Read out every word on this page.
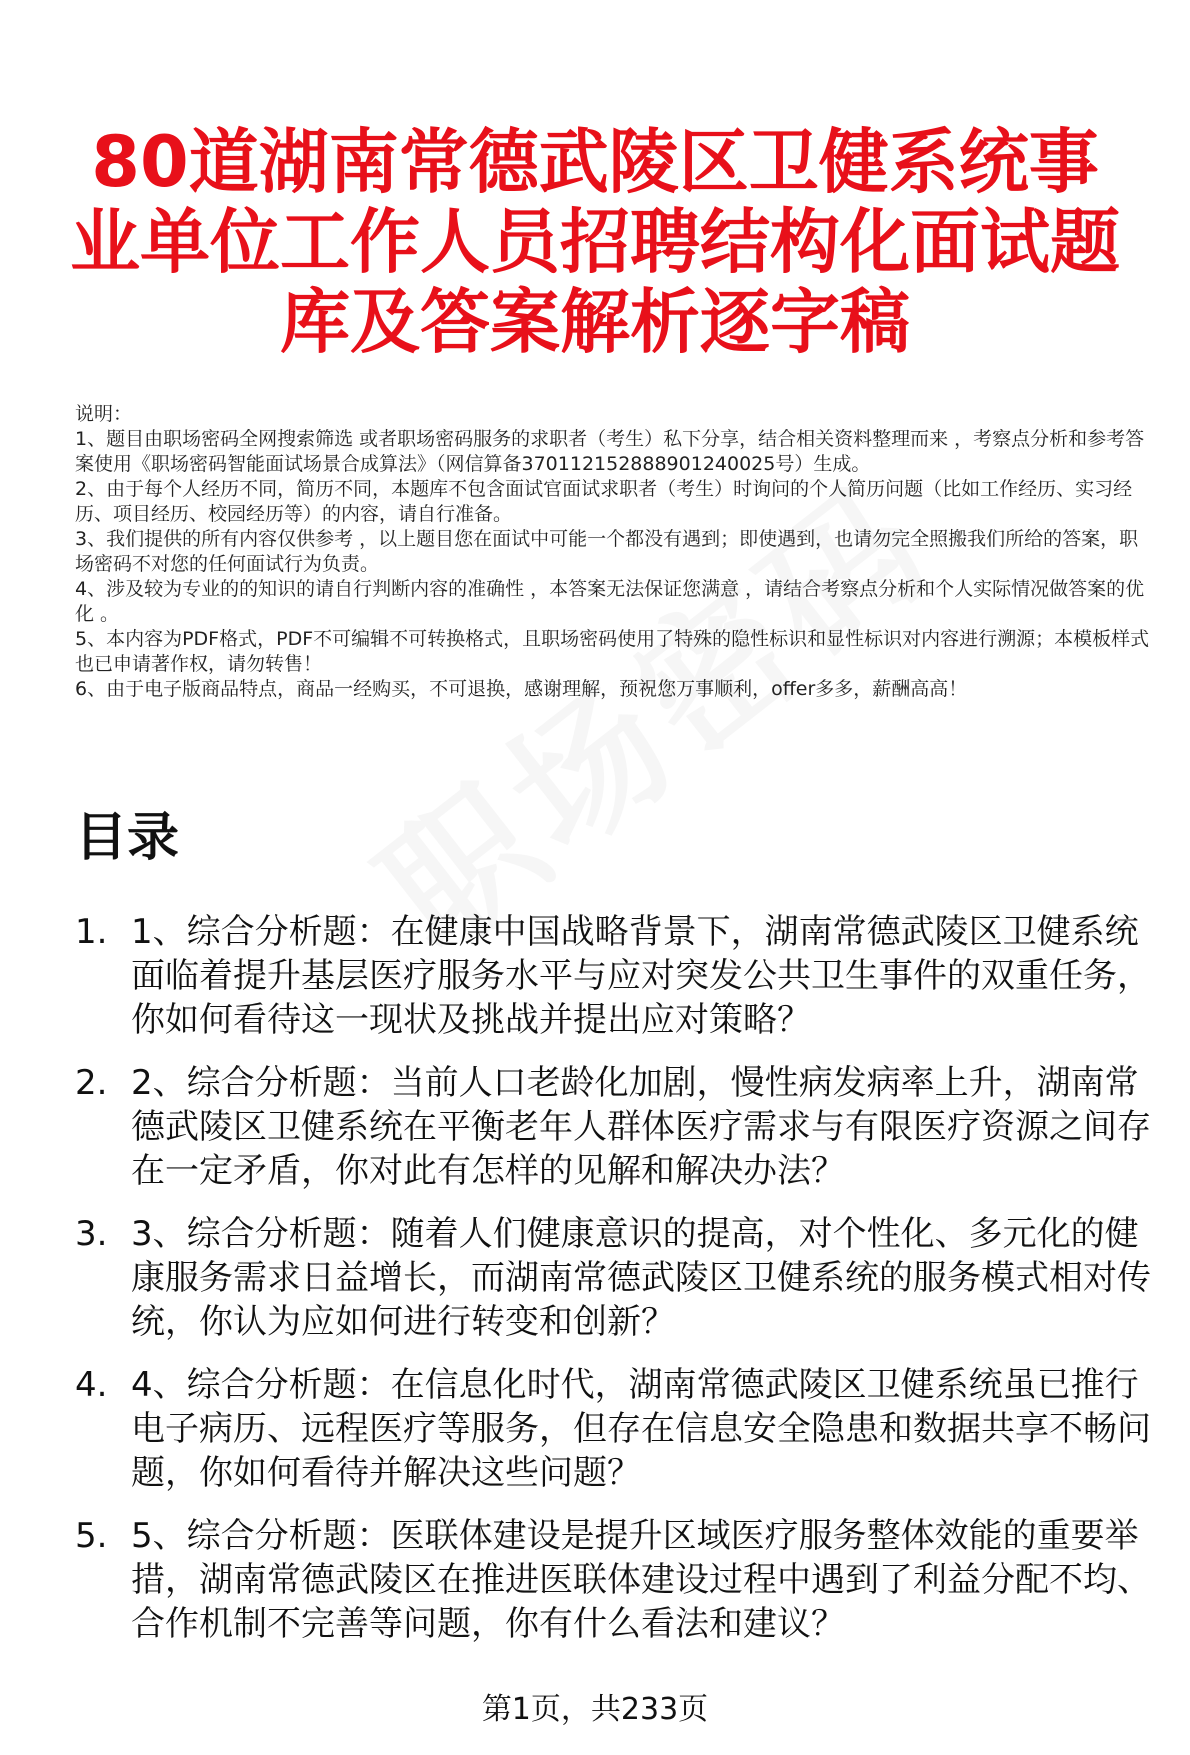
80道湖南常德武陵区卫健系统事业单位工作人员招聘结构化面试题库及答案解析逐字稿

说明：

1、题目由职场密码全网搜索筛选 或者职场密码服务的求职者（考生）私下分享，结合相关资料整理而来 ，考察点分析和参考答案使用《职场密码智能面试场景合成算法》（网信算备370112152888901240025号）生成。

2、由于每个人经历不同，简历不同，本题库不包含面试官面试求职者（考生）时询问的个人简历问题（比如工作经历、实习经历、项目经历、校园经历等）的内容，请自行准备。

3、我们提供的所有内容仅供参考 ，以上题目您在面试中可能一个都没有遇到；即使遇到，也请勿完全照搬我们所给的答案，职场密码不对您的任何面试行为负责。

4、涉及较为专业的的知识的请自行判断内容的准确性 ，本答案无法保证您满意 ，请结合考察点分析和个人实际情况做答案的优化 。

5、本内容为PDF格式，PDF不可编辑不可转换格式，且职场密码使用了特殊的隐性标识和显性标识对内容进行溯源；本模板样式也已申请著作权，请勿转售！

6、由于电子版商品特点，商品一经购买，不可退换，感谢理解，预祝您万事顺利，offer多多，薪酬高高！

目录
1. 1、综合分析题：在健康中国战略背景下，湖南常德武陵区卫健系统面临着提升基层医疗服务水平与应对突发公共卫生事件的双重任务，你如何看待这一现状及挑战并提出应对策略？
2. 2、综合分析题：当前人口老龄化加剧，慢性病发病率上升，湖南常德武陵区卫健系统在平衡老年人群体医疗需求与有限医疗资源之间存在一定矛盾，你对此有怎样的见解和解决办法？
3. 3、综合分析题：随着人们健康意识的提高，对个性化、多元化的健康服务需求日益增长，而湖南常德武陵区卫健系统的服务模式相对传统，你认为应如何进行转变和创新？
4. 4、综合分析题：在信息化时代，湖南常德武陵区卫健系统虽已推行电子病历、远程医疗等服务，但存在信息安全隐患和数据共享不畅问题，你如何看待并解决这些问题？
5. 5、综合分析题：医联体建设是提升区域医疗服务整体效能的重要举措，湖南常德武陵区在推进医联体建设过程中遇到了利益分配不均、合作机制不完善等问题，你有什么看法和建议？
第1页，共233页
